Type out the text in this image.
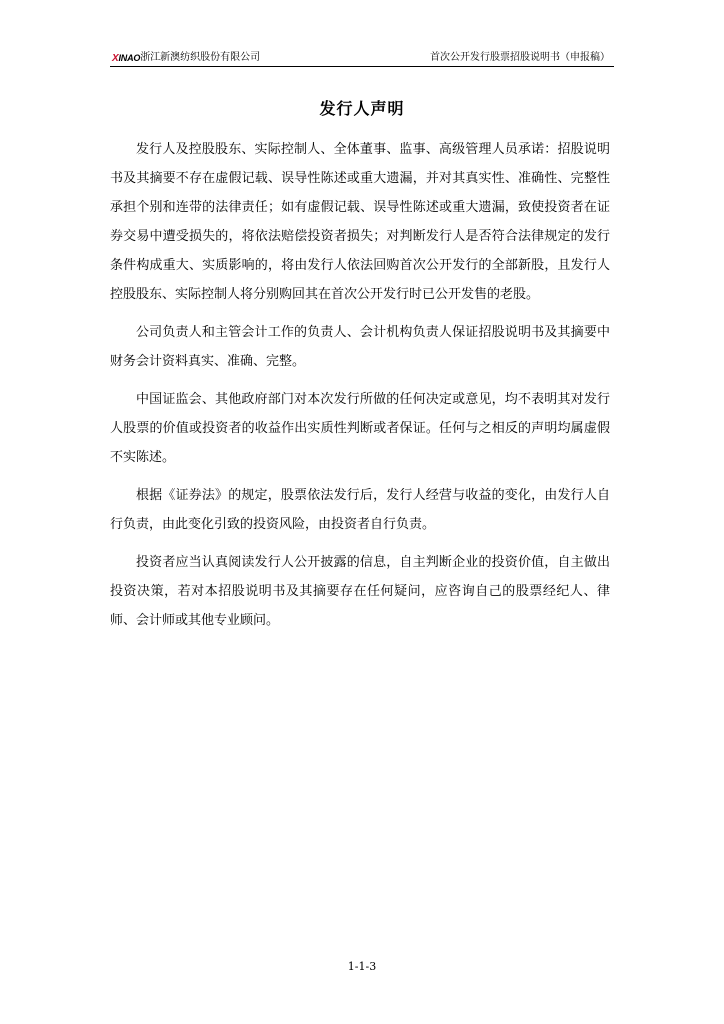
XINAO浙江新澳纺织股份有限公司	首次公开发行股票招股说明书（申报稿）
发行人声明

发行人及控股股东、实际控制人、全体董事、监事、高级管理人员承诺：招股说明书及其摘要不存在虚假记载、误导性陈述或重大遗漏，并对其真实性、准确性、完整性承担个别和连带的法律责任；如有虚假记载、误导性陈述或重大遗漏，致使投资者在证券交易中遭受损失的，将依法赔偿投资者损失；对判断发行人是否符合法律规定的发行条件构成重大、实质影响的，将由发行人依法回购首次公开发行的全部新股，且发行人控股股东、实际控制人将分别购回其在首次公开发行时已公开发售的老股。

公司负责人和主管会计工作的负责人、会计机构负责人保证招股说明书及其摘要中财务会计资料真实、准确、完整。

中国证监会、其他政府部门对本次发行所做的任何决定或意见，均不表明其对发行人股票的价值或投资者的收益作出实质性判断或者保证。任何与之相反的声明均属虚假不实陈述。

根据《证券法》的规定，股票依法发行后，发行人经营与收益的变化，由发行人自行负责，由此变化引致的投资风险，由投资者自行负责。

投资者应当认真阅读发行人公开披露的信息，自主判断企业的投资价值，自主做出投资决策，若对本招股说明书及其摘要存在任何疑问，应咨询自己的股票经纪人、律师、会计师或其他专业顾问。

1-1-3
